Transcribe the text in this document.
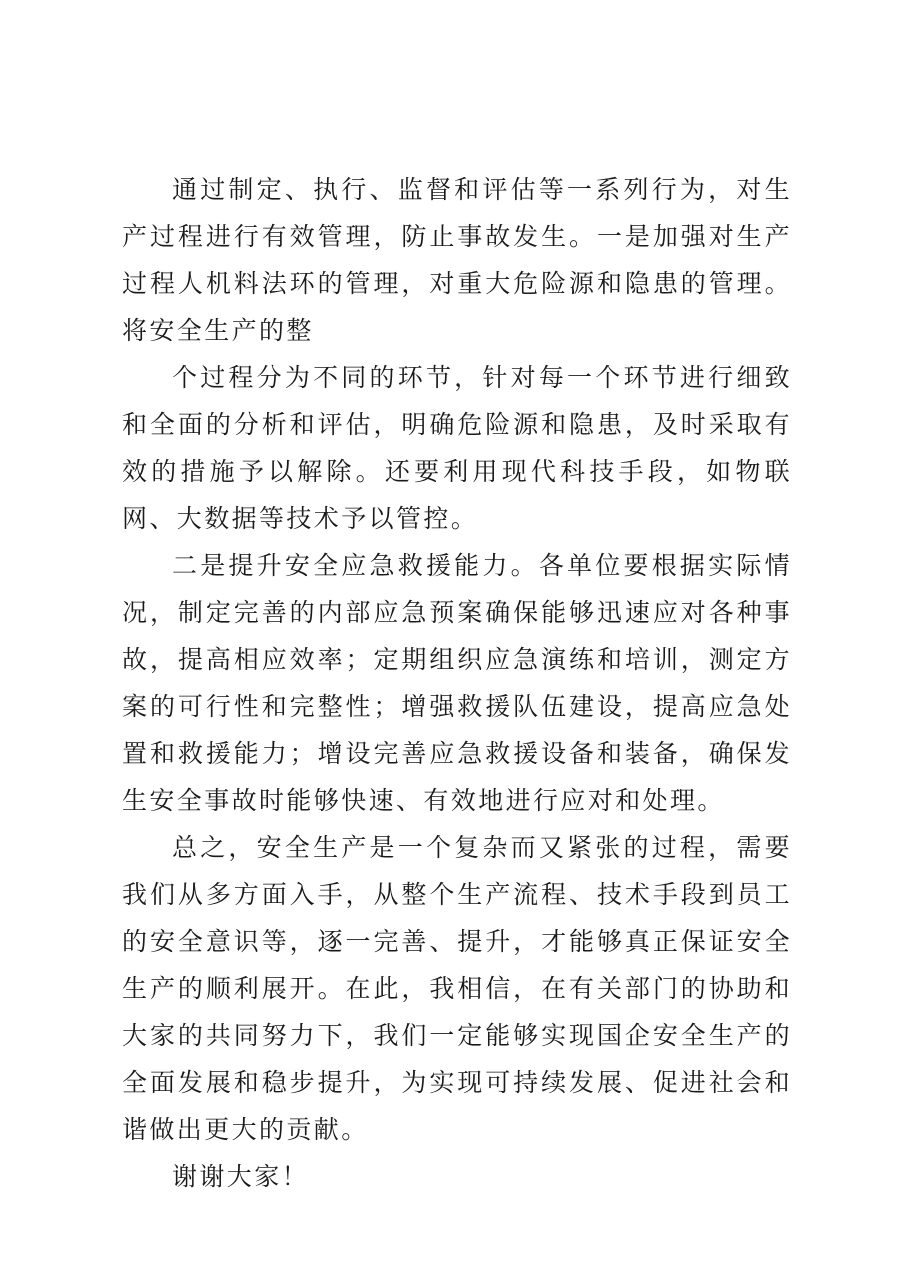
通过制定、执行、监督和评估等一系列行为，对生产过程进行有效管理，防止事故发生。一是加强对生产过程人机料法环的管理，对重大危险源和隐患的管理。将安全生产的整

个过程分为不同的环节，针对每一个环节进行细致和全面的分析和评估，明确危险源和隐患，及时采取有效的措施予以解除。还要利用现代科技手段，如物联网、大数据等技术予以管控。

二是提升安全应急救援能力。各单位要根据实际情况，制定完善的内部应急预案确保能够迅速应对各种事故，提高相应效率；定期组织应急演练和培训，测定方案的可行性和完整性；增强救援队伍建设，提高应急处置和救援能力；增设完善应急救援设备和装备，确保发生安全事故时能够快速、有效地进行应对和处理。

总之，安全生产是一个复杂而又紧张的过程，需要我们从多方面入手，从整个生产流程、技术手段到员工的安全意识等，逐一完善、提升，才能够真正保证安全生产的顺利展开。在此，我相信，在有关部门的协助和大家的共同努力下，我们一定能够实现国企安全生产的全面发展和稳步提升，为实现可持续发展、促进社会和谐做出更大的贡献。

谢谢大家！
